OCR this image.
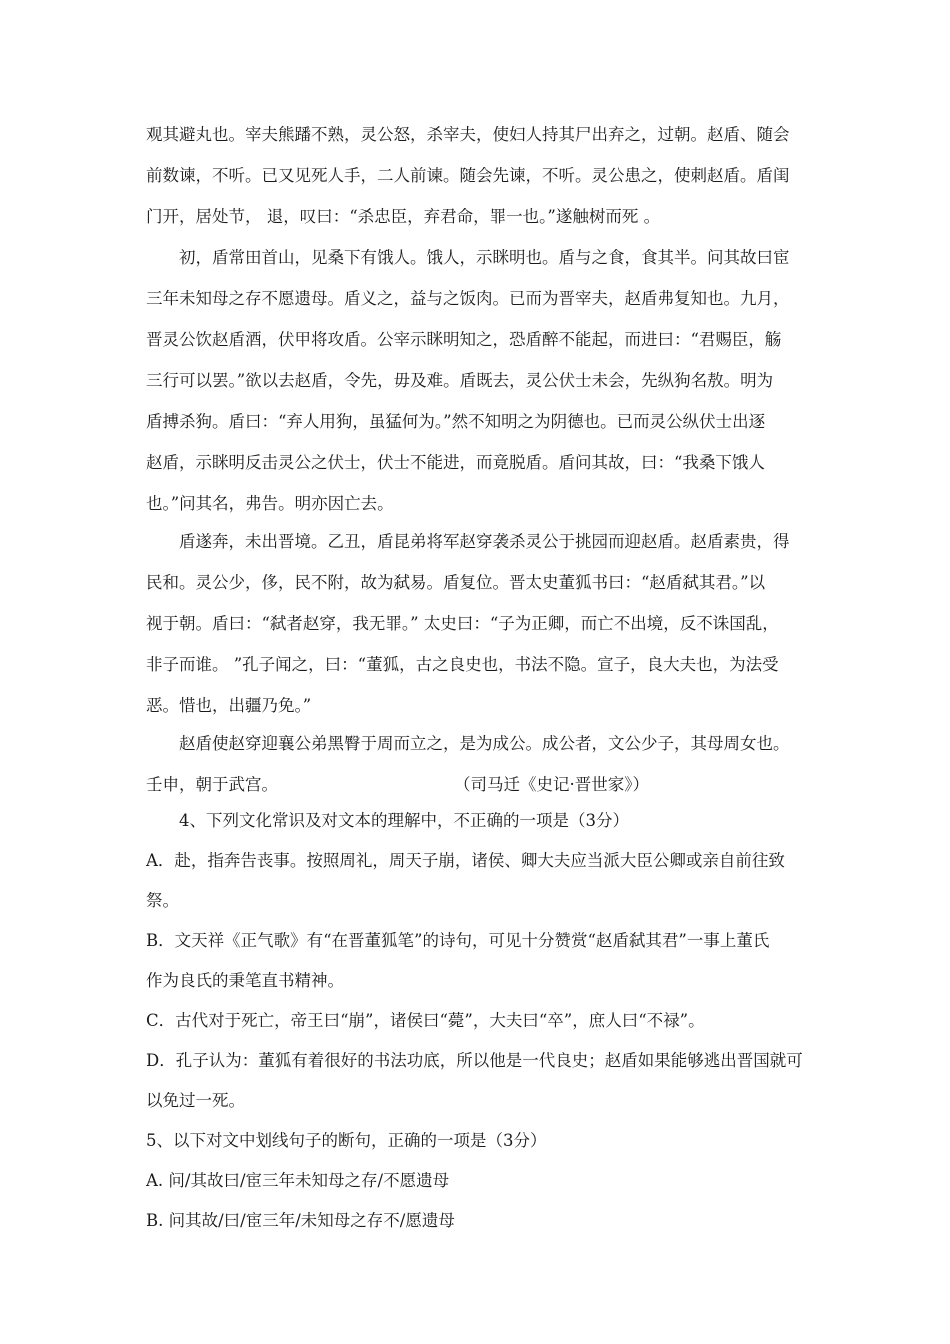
观其避丸也。宰夫熊蹯不熟，灵公怒，杀宰夫，使妇人持其尸出弃之，过朝。赵盾、随会
前数谏，不听。已又见死人手，二人前谏。随会先谏，不听。灵公患之，使刺赵盾。盾闺
门开，居处节， 退，叹曰：“杀忠臣，弃君命，罪一也。”遂触树而死 。
初，盾常田首山，见桑下有饿人。饿人，示眯明也。盾与之食，食其半。问其故曰宦
三年未知母之存不愿遗母。盾义之，益与之饭肉。已而为晋宰夫，赵盾弗复知也。九月，
晋灵公饮赵盾酒，伏甲将攻盾。公宰示眯明知之，恐盾醉不能起，而进曰：“君赐臣，觞
三行可以罢。”欲以去赵盾，令先，毋及难。盾既去，灵公伏士未会，先纵狗名敖。明为
盾搏杀狗。盾曰：“弃人用狗，虽猛何为。”然不知明之为阴德也。已而灵公纵伏士出逐
赵盾，示眯明反击灵公之伏士，伏士不能进，而竟脱盾。盾问其故，曰：“我桑下饿人
也。”问其名，弗告。明亦因亡去。
盾遂奔，未出晋境。乙丑，盾昆弟将军赵穿袭杀灵公于挑园而迎赵盾。赵盾素贵，得
民和。灵公少，侈，民不附，故为弑易。盾复位。晋太史董狐书曰：“赵盾弑其君。”以
视于朝。盾曰：“弑者赵穿，我无罪。” 太史曰：“子为正卿，而亡不出境，反不诛国乱，
非子而谁。 ”孔子闻之，曰：“董狐，古之良史也，书法不隐。宣子，良大夫也，为法受
恶。惜也，出疆乃免。”
赵盾使赵穿迎襄公弟黑臀于周而立之，是为成公。成公者，文公少子，其母周女也。
壬申，朝于武宫。	（司马迁《史记·晋世家》）
4、下列文化常识及对文本的理解中，不正确的一项是（3分）
A．赴，指奔告丧事。按照周礼，周天子崩，诸侯、卿大夫应当派大臣公卿或亲自前往致
祭。
B．文天祥《正气歌》有“在晋董狐笔”的诗句，可见十分赞赏“赵盾弑其君”一事上董氏
作为良氏的秉笔直书精神。
C．古代对于死亡，帝王曰“崩”，诸侯曰“薨”，大夫曰“卒”，庶人曰“不禄”。
D．孔子认为：董狐有着很好的书法功底，所以他是一代良史；赵盾如果能够逃出晋国就可
以免过一死。
5、以下对文中划线句子的断句，正确的一项是（3分）
A. 问/其故曰/宦三年未知母之存/不愿遗母
B. 问其故/曰/宦三年/未知母之存不/愿遗母
